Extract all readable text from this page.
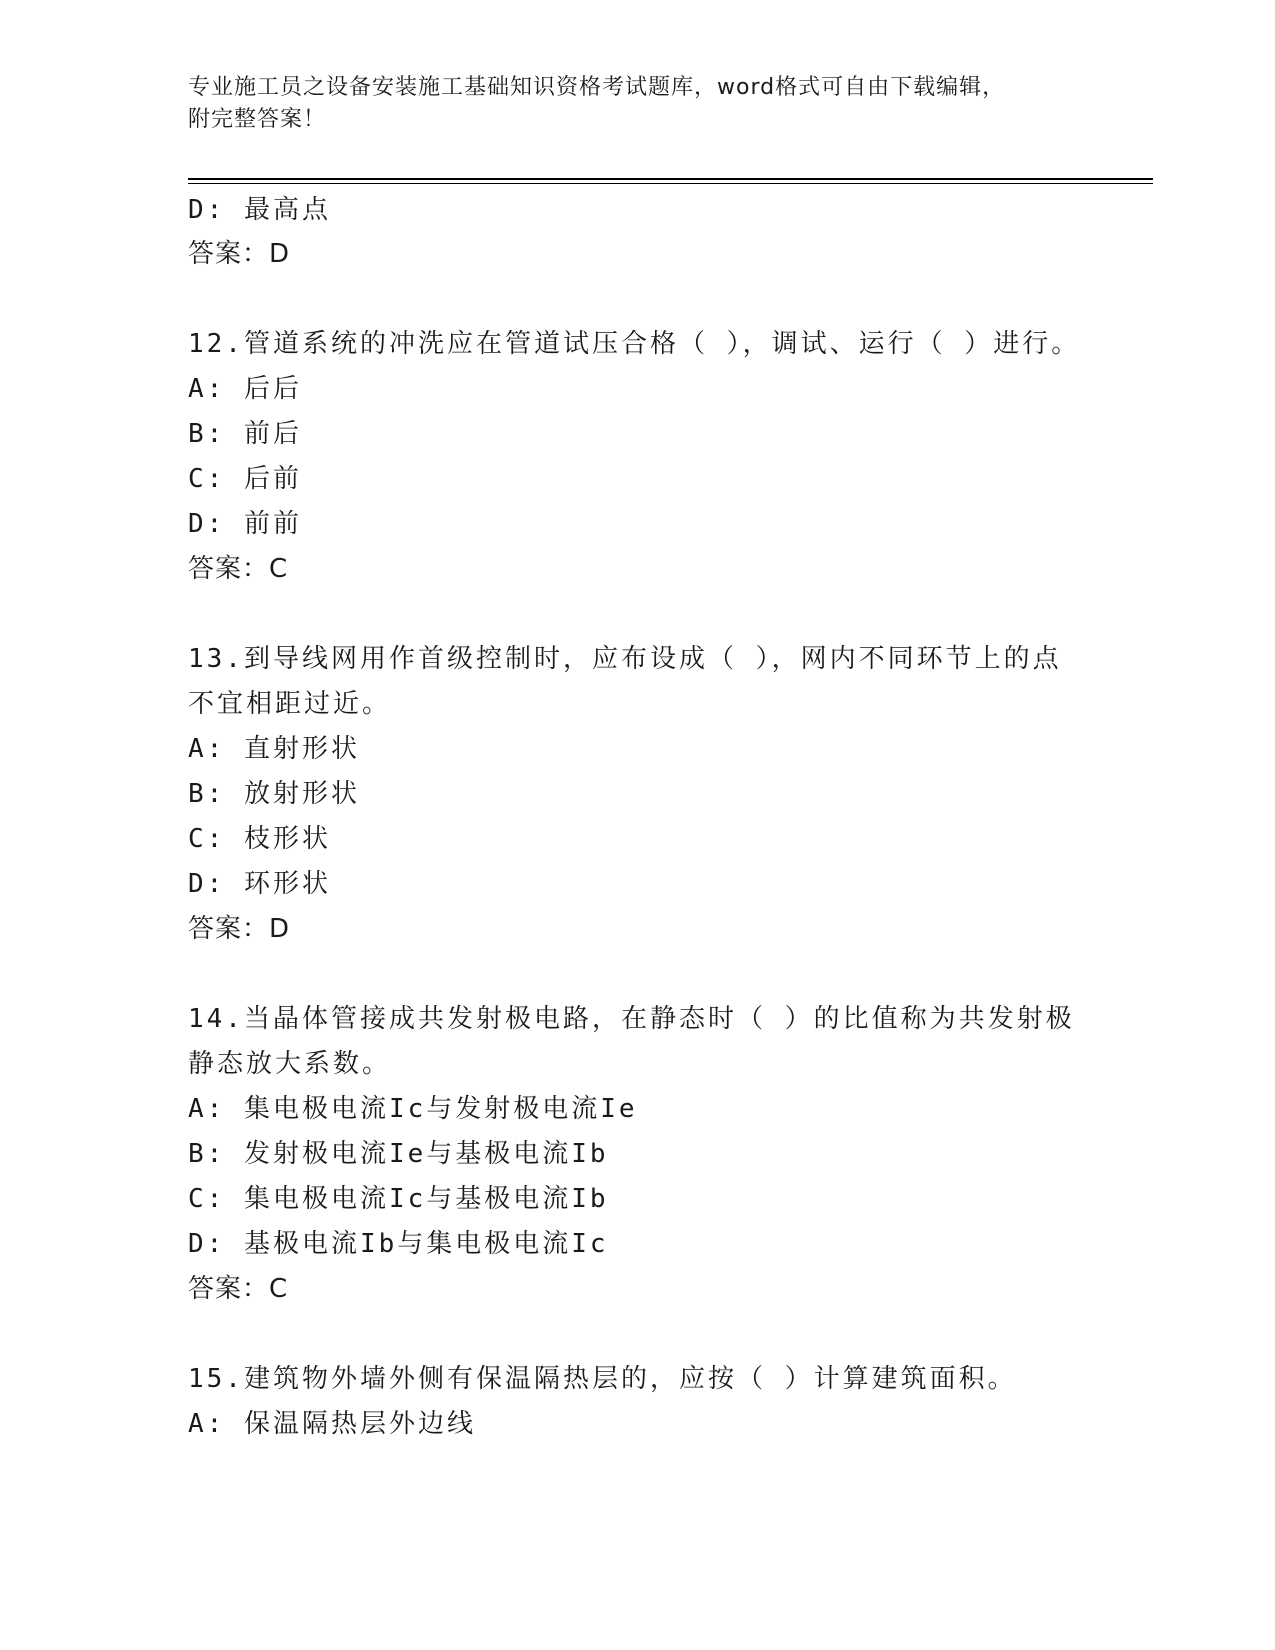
专业施工员之设备安装施工基础知识资格考试题库，word格式可自由下载编辑，
附完整答案！
D: 最高点
答案：D
12.管道系统的冲洗应在管道试压合格（ ），调试、运行（ ）进行。
A: 后后
B: 前后
C: 后前
D: 前前
答案：C
13.到导线网用作首级控制时，应布设成（ ），网内不同环节上的点
不宜相距过近。
A: 直射形状
B: 放射形状
C: 枝形状
D: 环形状
答案：D
14.当晶体管接成共发射极电路，在静态时（ ）的比值称为共发射极
静态放大系数。
A: 集电极电流Ic与发射极电流Ie
B: 发射极电流Ie与基极电流Ib
C: 集电极电流Ic与基极电流Ib
D: 基极电流Ib与集电极电流Ic
答案：C
15.建筑物外墙外侧有保温隔热层的，应按（ ）计算建筑面积。
A: 保温隔热层外边线
